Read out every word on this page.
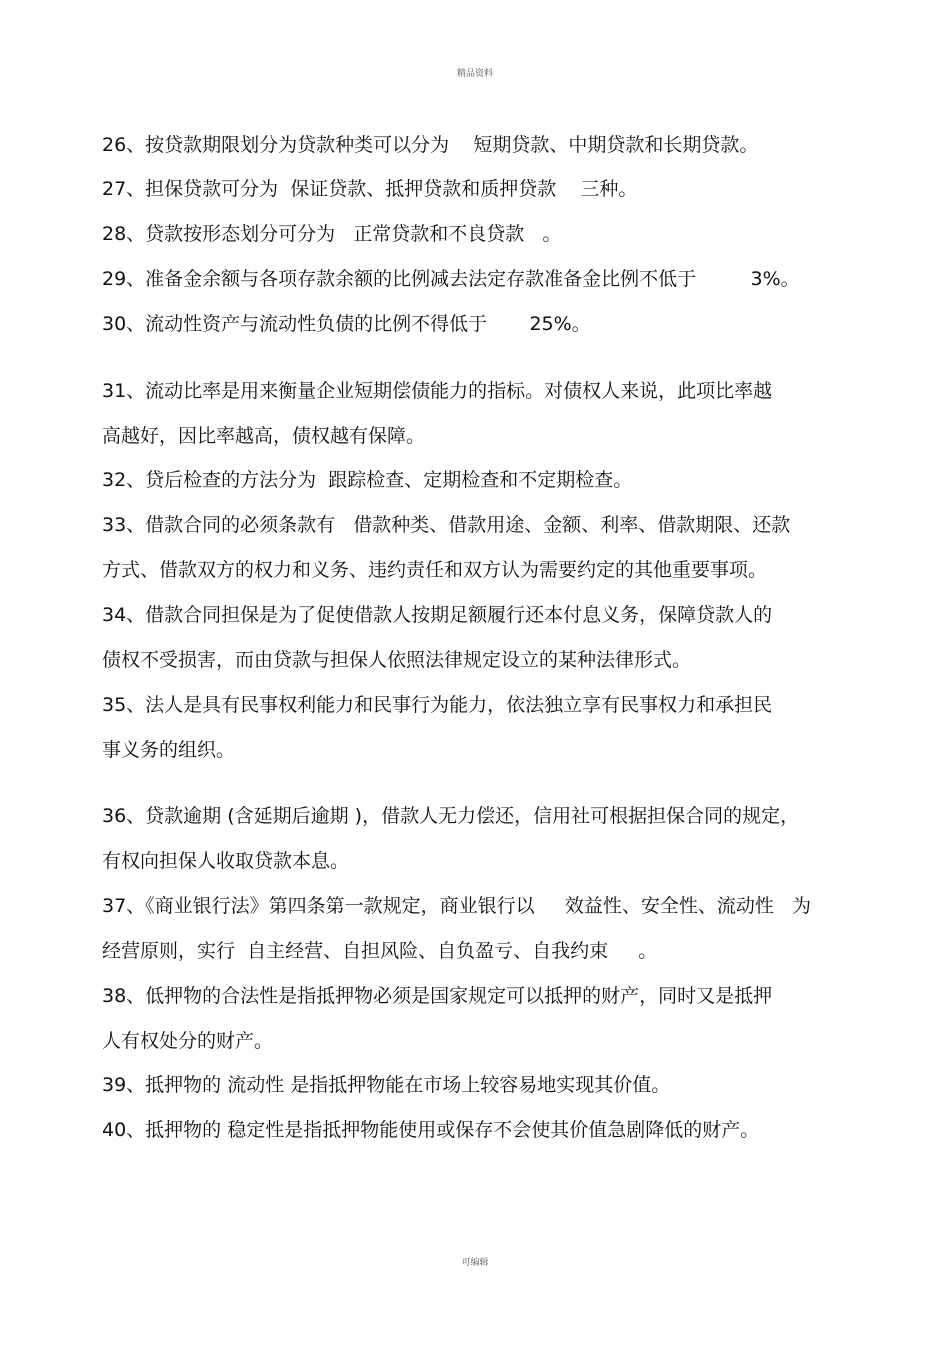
精品资料
26、按贷款期限划分为贷款种类可以分为    短期贷款、中期贷款和长期贷款。
27、担保贷款可分为  保证贷款、抵押贷款和质押贷款    三种。
28、贷款按形态划分可分为   正常贷款和不良贷款   。
29、准备金余额与各项存款余额的比例减去法定存款准备金比例不低于         3%。
30、流动性资产与流动性负债的比例不得低于       25%。
31、流动比率是用来衡量企业短期偿债能力的指标。对债权人来说，此项比率越
高越好，因比率越高，债权越有保障。
32、贷后检查的方法分为  跟踪检查、定期检查和不定期检查。
33、借款合同的必须条款有   借款种类、借款用途、金额、利率、借款期限、还款
方式、借款双方的权力和义务、违约责任和双方认为需要约定的其他重要事项。
34、借款合同担保是为了促使借款人按期足额履行还本付息义务，保障贷款人的
债权不受损害，而由贷款与担保人依照法律规定设立的某种法律形式。
35、法人是具有民事权利能力和民事行为能力，依法独立享有民事权力和承担民
事义务的组织。
36、贷款逾期 (含延期后逾期 )，借款人无力偿还，信用社可根据担保合同的规定，
有权向担保人收取贷款本息。
37、《商业银行法》第四条第一款规定，商业银行以     效益性、安全性、流动性   为
经营原则，实行  自主经营、自担风险、自负盈亏、自我约束     。
38、低押物的合法性是指抵押物必须是国家规定可以抵押的财产，同时又是抵押
人有权处分的财产。
39、抵押物的 流动性 是指抵押物能在市场上较容易地实现其价值。
40、抵押物的 稳定性是指抵押物能使用或保存不会使其价值急剧降低的财产。
可编辑
